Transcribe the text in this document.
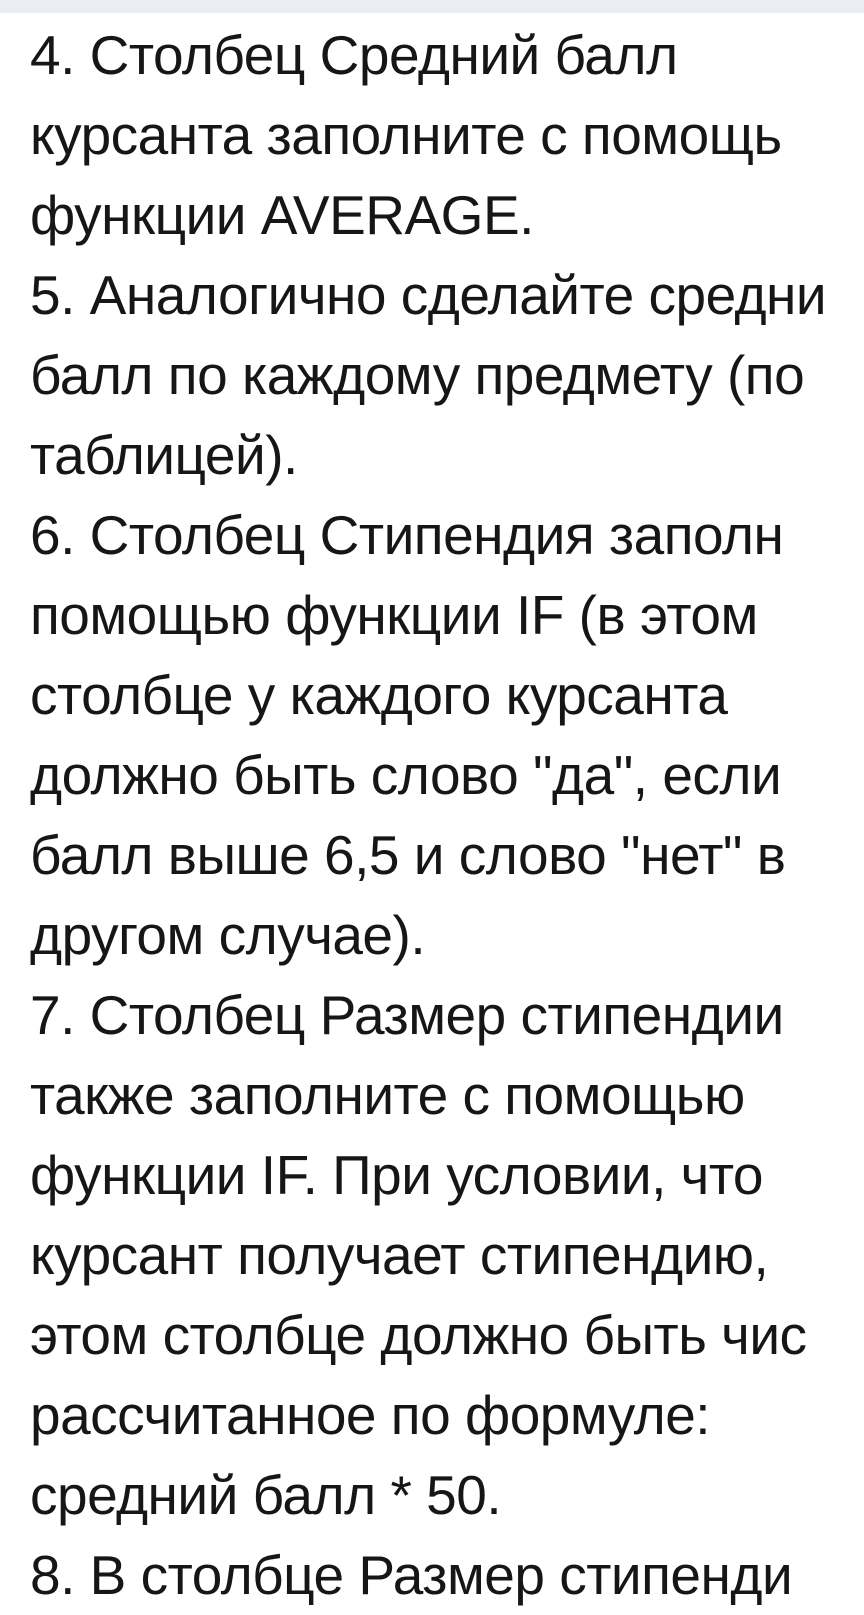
4. Столбец Средний балл
курсанта заполните с помощь
функции AVERAGE.
5. Аналогично сделайте средни
балл по каждому предмету (по
таблицей).
6. Столбец Стипендия заполн
помощью функции IF (в этом
столбце у каждого курсанта
должно быть слово "да", если
балл выше 6,5 и слово "нет" в
другом случае).
7. Столбец Размер стипендии
также заполните с помощью
функции IF. При условии, что
курсант получает стипендию,
этом столбце должно быть чис
рассчитанное по формуле:
средний балл * 50.
8. В столбце Размер стипенди
